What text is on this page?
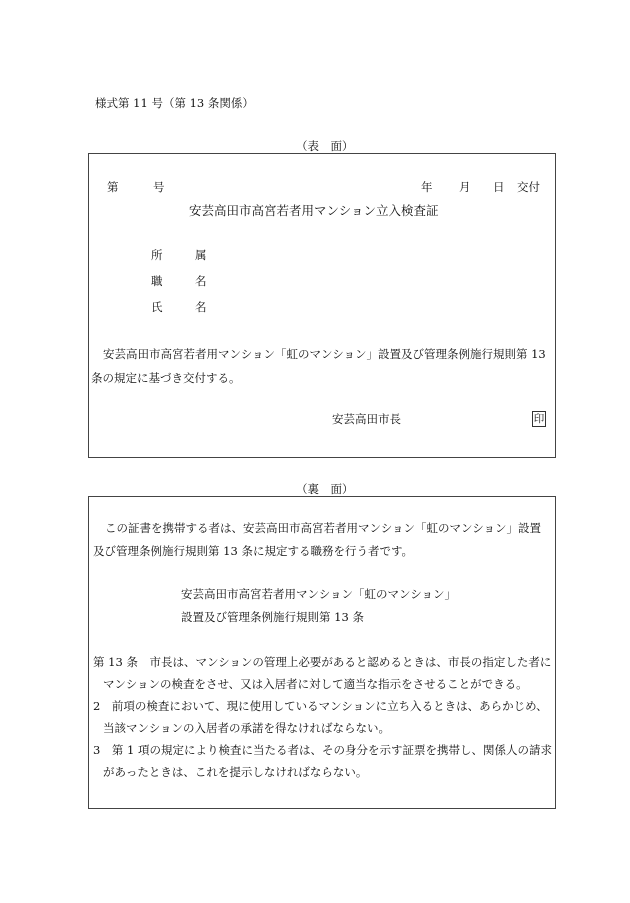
様式第 11 号（第 13 条関係）
（表　面）
第	号	年 月 日 交付
安芸高田市高宮若者用マンション立入検査証
所	属
職	名
氏	名
安芸高田市高宮若者用マンション「虹のマンション」設置及び管理条例施行規則第 13
条の規定に基づき交付する。
安芸高田市長	印
（裏　面）
この証書を携帯する者は、安芸高田市高宮若者用マンション「虹のマンション」設置
及び管理条例施行規則第 13 条に規定する職務を行う者です。
安芸高田市高宮若者用マンション「虹のマンション」
設置及び管理条例施行規則第 13 条
第 13 条　市長は、マンションの管理上必要があると認めるときは、市長の指定した者に
マンションの検査をさせ、又は入居者に対して適当な指示をさせることができる。
2　前項の検査において、現に使用しているマンションに立ち入るときは、あらかじめ、
当該マンションの入居者の承諾を得なければならない。
3　第 1 項の規定により検査に当たる者は、その身分を示す証票を携帯し、関係人の請求
があったときは、これを提示しなければならない。
